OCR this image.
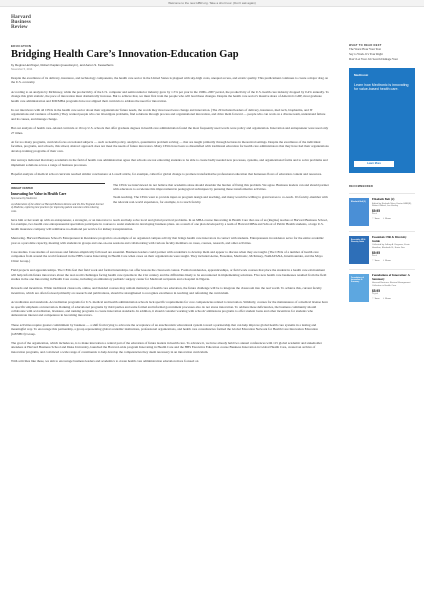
Welcome to the new HBR.org. Take a short tour. (Don't ask again)
Harvard
Business
Review
EDUCATION
Bridging Health Care’s Innovation-Education Gap
by Regina Herzlinger, Robert Kaplan (pseudonym), and Aaron S. Kesselheim
November 5, 2014

Despite the excellence of its delivery, insurance, and technology components, the health care sector in the United States is plagued with sky-high costs, unequal access, and erratic quality. This predicament continues to create a major drag on the U.S. economy.

According to an analysis by McKinsey, while the productivity of the U.S. computer and semiconductor industry grew by 1.5% per year in the 1990s–2007 period, the productivity of the U.S. health care industry dropped by 0.4% annually. To change this grim statistic, the pace of innovation must dramatically increase. But to achieve that, we must first train the people who will lead these changes. Despite the health care sector's massive share of America's GDP, most graduate health care administration and MD/MBA programs have not aligned their curricula to address the need for innovation.

In our interviews with all CEOs in the health care sector about their organizations' future needs, the words they most used were change and innovation. (The 29 included leaders of delivery, insurance, med tech, biopharma, and IT organizations and ventures of health.) They wanted people who can investigate problems, find solutions through process and organizational innovation, and drive them forward — people who can work on a diverse team, understand failure and its causes, and manage change.

But our analysis of health care–related curricula at 16 top U.S. schools that offer graduate degrees in health care administration found the most frequently used words were policy and organization. Innovation and entrepreneur were used only 27 times.

At far too many programs, curricula focus on isolated subjects — such as health policy, analytics, quantitative problem solving — that are taught primarily through lectures in theoretical settings. Despite the excellence of the individual faculties, programs, and schools, this siloed, abstract approach does not meet the needs of future innovators. Many CEOs have been so dissatisfied with traditional education for health care administrators that they have had their organizations develop training programs of their own.

Our surveys indicated that many academics in the field of health care administration agree that schools are not educating students to be able to create badly needed new processes, systems, and organizational forms and to solve problems and implement solutions across a range of business processes.

Hopeful analysis of medical school curricula reached similar conclusions: A Lowell article, for example, called for global change to promote transformative professional education that harnesses flows of education content and resources.

INSIGHT CENTER
Innovating for Value in Health Care
Sponsored by Medtronic
A collaboration of the editors at Harvard Business Review and the New England Journal of Medicine, exploring best practices for improving patient outcomes while reducing costs.

The CEOs we interviewed do not believe that academia alone should shoulder the burden of fixing this problem. We agree. Business leaders can and should partner with educators to accelerate this improvement in pedagogical techniques by pursuing these transformative activities.

Team teaching. The CEOs want to provide input on program design and teaching, and many would be willing to grant leaves to co-teach. It's faculty–member with the relevant real-world experience, for example, is to teach faculty.

have him or her team up with an entrepreneur, a strategist, or an innovator to teach and help solve local and global practical problems. In an MBA course Innovating in Health Care that one of us (Regina) teaches at Harvard Business School, for example, two health care entrepreneurial specialists participate in courses to assist students in developing business plans. As a result of one plan developed by a team of Harvard MBA and School of Public Health students, a large U.S. health insurance company will reimburse no-diamond per service for kidney transplantation.

Mentoring. Harvard Business School's Entrepreneur in Residence program is an example of an organized campus activity that brings health care innovators in contact with students. Entrepreneurs in residence serve for the entire academic year as a part-time capacity, meeting with students in groups and one-on-one sessions and collaborating with various faculty members on cases, courses, research, and other activities.

Case studies. Case studies of successes and failures empirically followed are essential. Business leaders could partner with academics to develop them and appear to discuss when they are taught. (The CEOs of a number of health care companies from around the world featured in the HBS course Innovating in Health Care when cases on their organizations were taught. They included Aetna, Fresenius, Medtronic, McKinsey, NARAYANA, Intermountain, and the Mayo Clinic Group.)

Field projects and apprenticeships. The CEOs feel that field work and formal internships can offer lessons the classroom cannot. Formal residencies, apprenticeships, or field work courses that place the student in a health care environment will help inform future innovators about the real-world challenges facing health care systems in the 21st century and the difficulties likely to be encountered in implementing solutions. Five new health care businesses resulted from the field studies in the one Innovating in Health Care course, including an ambulatory pediatric surgery center for Medicaid recipients and a hospital in Nigeria.

Rewards and incentives. While traditional classroom, online, and blended courses may remain mainstays of health care education, the future challenge will be to integrate the classroom into the real world. To achieve this, current faculty incentives, which are often focused primarily on research and publications, should be strengthened to recognize excellence in teaching and refreshing the curriculum.

Accreditation and standards. Accreditation programs for U.S. medical and health administration schools lack specific requirements for core competencies related to innovation. Similarly, courses for the maintenance of a medical license have no specific emphasis on innovation. Ranking of educational programs by third parties and some formal and informal government processes also do not stress innovation. To address these deficiencies, the business community should collaborate with accreditation, licensure, and ranking programs to create innovation standards. In addition, it should consider working with schools' admissions programs to offer student loans and other incentives for students who demonstrate interest and competence in becoming innovators.

These activities require greater commitment by business — a shift from trying to advocate the acceptance of an anachronistic educational system toward a partnership that can help improve global health care systems in a lasting and meaningful way. To encourage this partnership, a group representing global academic institutions, professional organizations, and health care consultancies formed the Global Education Network for Health Care Innovation Education (GENHCI) Group.

The goal of the organization, which includes us, is to make innovation a central part of the education of future leaders in health care. To advance it, we have already held two annual conferences with 115 global academic and stakeholder attendees at Harvard Business School and Duke University, launched the Harvard-wide program Innovating in Health Care and the HBS Executive Education course Business Innovation in Global Health Care, created an archive of innovation programs, and convinced a wide range of constituents to help develop the competencies they deem necessary in an innovation curriculum.

With activities like these, we aim to encourage business leaders and academics to create health care administration education more focused on

WHAT TO READ NEXT
The Worst Hour Your Year
Say to Work. It's Your Right
Don't Let Your Job Search Damage Your
Medtronic
Learn how Medtronic is innovating for value-based health care.
Learn More
RECOMMENDED
Elisabeth Bolt (2)
Elisabeth Bolt (2)
Edited by Rosbeth Moss Kanter HBR(R), Robert Gifford, Lee Hartley
$9.95
Book
♡ Save ↗ Share
Essentials: HR & Diversity Guide
Essentials: HR & Diversity Guide
Collected by Jeffrey A. Kiegman, Kevin Hamilton, Elizabeth B., Erwin Dee
$9.95
Book
♡ Save ↗ Share
Foundations of Innovation: A Summary
Foundations of Innovation: A Summary
Harvard Business Review Management Collection in Health Care
$5.95
Digital
♡ Save ↗ Share
